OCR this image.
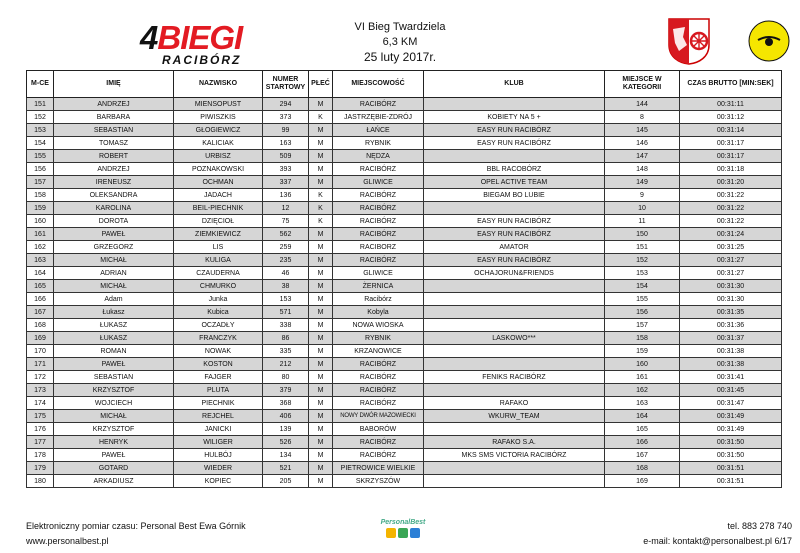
4BIEGI
RACIBÓRZ
VI Bieg Twardziela
6,3 KM
25 luty 2017r.
M-CE	IMIĘ	NAZWISKO	NUMER STARTOWY	PŁEĆ	MIEJSCOWOŚĆ	KLUB	MIEJSCE W KATEGORII	CZAS BRUTTO [MIN:SEK]
151	ANDRZEJ	MIENSOPUST	294	M	RACIBÓRZ		144	00:31:11
152	BARBARA	PIWISZKIS	373	K	JASTRZĘBIE-ZDRÓJ	KOBIETY NA 5 +	8	00:31:12
153	SEBASTIAN	GŁOGIEWICZ	99	M	ŁAŃCE	EASY RUN RACIBÓRZ	145	00:31:14
154	TOMASZ	KALICIAK	163	M	RYBNIK	EASY RUN RACIBÓRZ	146	00:31:17
155	ROBERT	URBISZ	509	M	NĘDZA		147	00:31:17
156	ANDRZEJ	POZNAKOWSKI	393	M	RACIBÓRZ	BBL RACOBÓRZ	148	00:31:18
157	IRENEUSZ	OCHMAN	337	M	GLIWICE	OPEL ACTIVE TEAM	149	00:31:20
158	OLEKSANDRA	JADACH	136	K	RACIBÓRZ	BIEGAM BO LUBIE	9	00:31:22
159	KAROLINA	BEIL-PIECHNIK	12	K	RACIBÓRZ		10	00:31:22
160	DOROTA	DZIĘCIOŁ	75	K	RACIBÓRZ	EASY RUN RACIBÓRZ	11	00:31:22
161	PAWEŁ	ZIEMKIEWICZ	562	M	RACIBÓRZ	EASY RUN RACIBÓRZ	150	00:31:24
162	GRZEGORZ	LIS	259	M	RACIBORZ	AMATOR	151	00:31:25
163	MICHAŁ	KULIGA	235	M	RACIBÓRZ	EASY RUN RACIBÓRZ	152	00:31:27
164	ADRIAN	CZAUDERNA	46	M	GLIWICE	OCHAJORUN&FRIENDS	153	00:31:27
165	MICHAŁ	CHMURKO	38	M	ŻERNICA		154	00:31:30
166	Adam	Junka	153	M	Racibórz		155	00:31:30
167	Łukasz	Kubica	571	M	Kobyla		156	00:31:35
168	ŁUKASZ	OCZADŁY	338	M	NOWA WIOSKA		157	00:31:36
169	ŁUKASZ	FRANCZYK	86	M	RYBNIK	LASKOWO***	158	00:31:37
170	ROMAN	NOWAK	335	M	KRZANOWICE		159	00:31:38
171	PAWEŁ	KOSTON	212	M	RACIBÓRZ		160	00:31:38
172	SEBASTIAN	FAJGER	80	M	RACIBÓRZ	FENIKS RACIBÓRZ	161	00:31:41
173	KRZYSZTOF	PLUTA	379	M	RACIBÓRZ		162	00:31:45
174	WOJCIECH	PIECHNIK	368	M	RACIBÓRZ	RAFAKO	163	00:31:47
175	MICHAŁ	REJCHEL	406	M	NOWY DWÓR MAZOWIECKI	WKURW_TEAM	164	00:31:49
176	KRZYSZTOF	JANICKI	139	M	BABORÓW		165	00:31:49
177	HENRYK	WILIGER	526	M	RACIBÓRZ	RAFAKO S.A.	166	00:31:50
178	PAWEŁ	HULBÓJ	134	M	RACIBÓRZ	MKS SMS VICTORIA RACIBÓRZ	167	00:31:50
179	GOTARD	WIEDER	521	M	PIETROWICE WIELKIE		168	00:31:51
180	ARKADIUSZ	KOPIEC	205	M	SKRZYSZÓW		169	00:31:51
Elektroniczny pomiar czasu: Personal Best Ewa Górnik
www.personalbest.pl
PersonalBest	tel. 883 278 740
e-mail: kontakt@personalbest.pl 6/17
